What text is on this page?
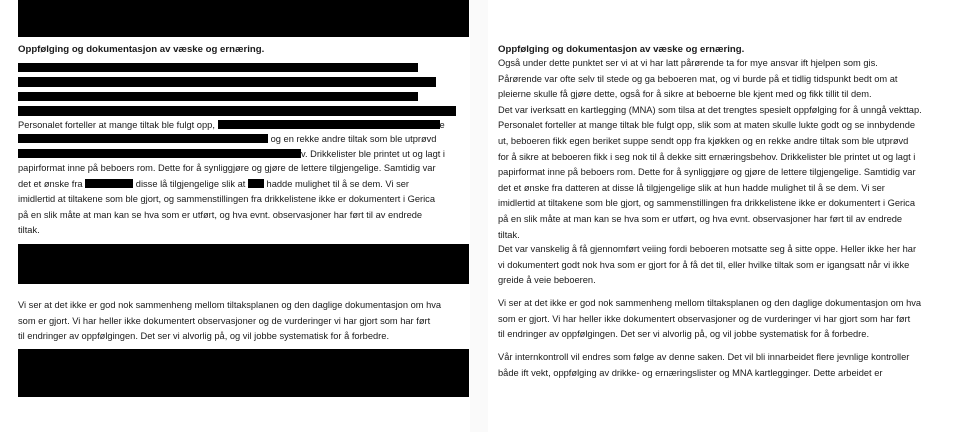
Oppfølging og dokumentasjon av væske og ernæring.
Personalet forteller at mange tiltak ble fulgt opp,	e
og en rekke andre tiltak som ble utprøvd
v. Drikkelister ble printet ut og lagt i
papirformat inne på beboers rom. Dette for å synliggjøre og gjøre de lettere tilgjengelige. Samtidig var
det et ønske fra	disse lå tilgjengelige slik at hadde mulighet til å se dem. Vi ser
imidlertid at tiltakene som ble gjort, og sammenstillingen fra drikkelistene ikke er dokumentert i Gerica
på en slik måte at man kan se hva som er utført, og hva evnt. observasjoner har ført til av endrede
tiltak.
Vi ser at det ikke er god nok sammenheng mellom tiltaksplanen og den daglige dokumentasjon om hva
som er gjort. Vi har heller ikke dokumentert observasjoner og de vurderinger vi har gjort som har ført
til endringer av oppfølgingen. Det ser vi alvorlig på, og vil jobbe systematisk for å forbedre.
Oppfølging og dokumentasjon av væske og ernæring.
Også under dette punktet ser vi at vi har latt pårørende ta for mye ansvar ift hjelpen som gis.
Pårørende var ofte selv til stede og ga beboeren mat, og vi burde på et tidlig tidspunkt bedt om at
pleierne skulle få gjøre dette, også for å sikre at beboerne ble kjent med og fikk tillit til dem.
Det var iverksatt en kartlegging (MNA) som tilsa at det trengtes spesielt oppfølging for å unngå vekttap.
Personalet forteller at mange tiltak ble fulgt opp, slik som at maten skulle lukte godt og se innbydende
ut, beboeren fikk egen beriket suppe sendt opp fra kjøkken og en rekke andre tiltak som ble utprøvd
for å sikre at beboeren fikk i seg nok til å dekke sitt ernæringsbehov. Drikkelister ble printet ut og lagt i
papirformat inne på beboers rom. Dette for å synliggjøre og gjøre de lettere tilgjengelige. Samtidig var
det et ønske fra datteren at disse lå tilgjengelige slik at hun hadde mulighet til å se dem. Vi ser
imidlertid at tiltakene som ble gjort, og sammenstillingen fra drikkelistene ikke er dokumentert i Gerica
på en slik måte at man kan se hva som er utført, og hva evnt. observasjoner har ført til av endrede
tiltak.
Det var vanskelig å få gjennomført veiing fordi beboeren motsatte seg å sitte oppe. Heller ikke her har
vi dokumentert godt nok hva som er gjort for å få det til, eller hvilke tiltak som er igangsatt når vi ikke
greide å veie beboeren.
Vi ser at det ikke er god nok sammenheng mellom tiltaksplanen og den daglige dokumentasjon om hva
som er gjort. Vi har heller ikke dokumentert observasjoner og de vurderinger vi har gjort som har ført
til endringer av oppfølgingen. Det ser vi alvorlig på, og vil jobbe systematisk for å forbedre.
Vår internkontroll vil endres som følge av denne saken. Det vil bli innarbeidet flere jevnlige kontroller
både ift vekt, oppfølging av drikke- og ernæringslister og MNA kartlegginger. Dette arbeidet er
